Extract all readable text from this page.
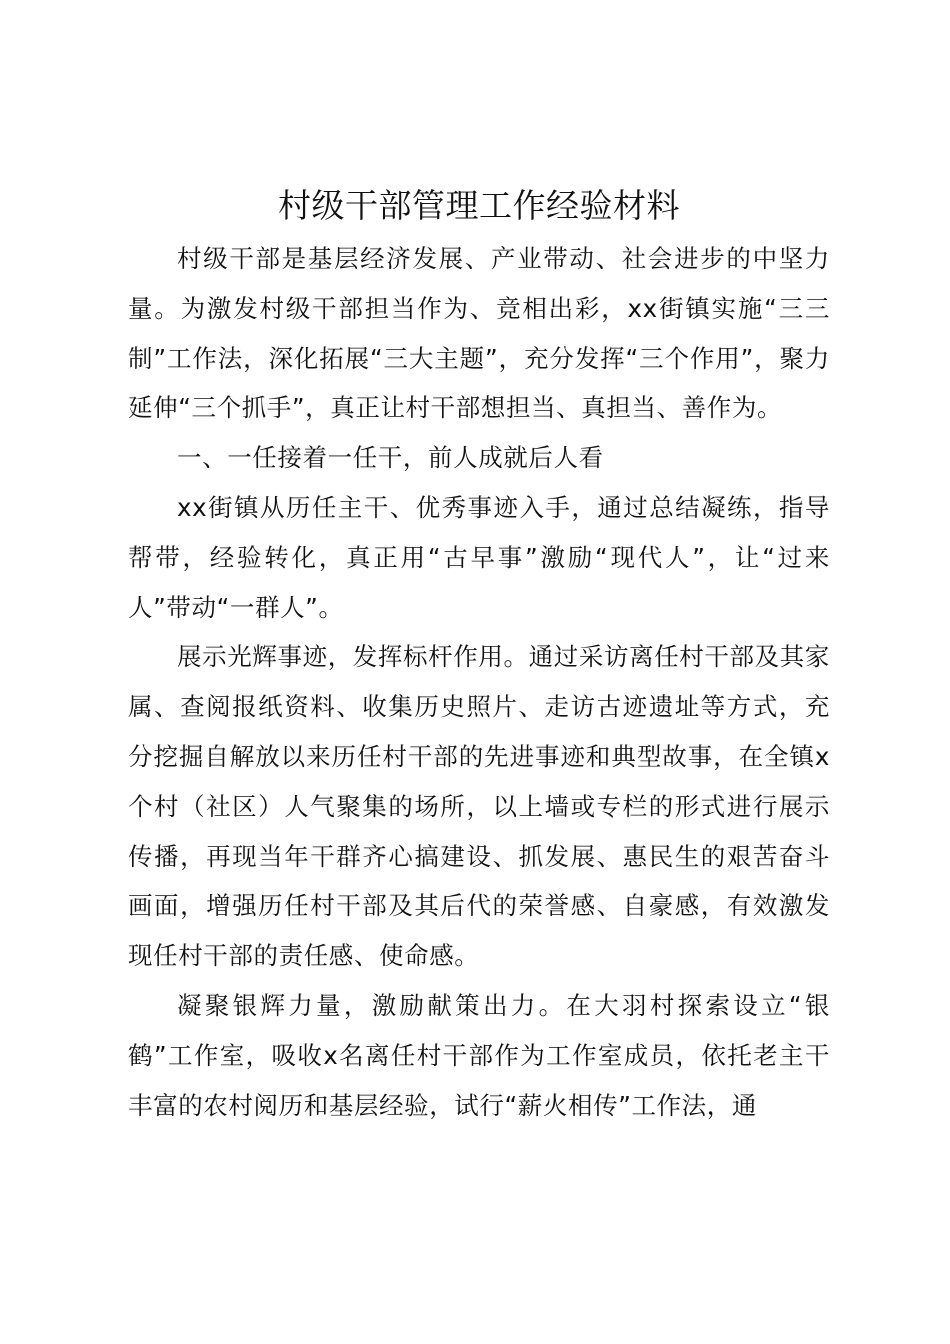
村级干部管理工作经验材料

村级干部是基层经济发展、产业带动、社会进步的中坚力量。为激发村级干部担当作为、竞相出彩，xx街镇实施“三三制”工作法，深化拓展“三大主题”，充分发挥“三个作用”，聚力延伸“三个抓手”，真正让村干部想担当、真担当、善作为。

一、一任接着一任干，前人成就后人看

xx街镇从历任主干、优秀事迹入手，通过总结凝练，指导帮带，经验转化，真正用“古早事”激励“现代人”，让“过来人”带动“一群人”。

展示光辉事迹，发挥标杆作用。通过采访离任村干部及其家属、查阅报纸资料、收集历史照片、走访古迹遗址等方式，充分挖掘自解放以来历任村干部的先进事迹和典型故事，在全镇x个村（社区）人气聚集的场所，以上墙或专栏的形式进行展示传播，再现当年干群齐心搞建设、抓发展、惠民生的艰苦奋斗画面，增强历任村干部及其后代的荣誉感、自豪感，有效激发现任村干部的责任感、使命感。

凝聚银辉力量，激励献策出力。在大羽村探索设立“银鹤”工作室，吸收x名离任村干部作为工作室成员，依托老主干丰富的农村阅历和基层经验，试行“薪火相传”工作法，通
